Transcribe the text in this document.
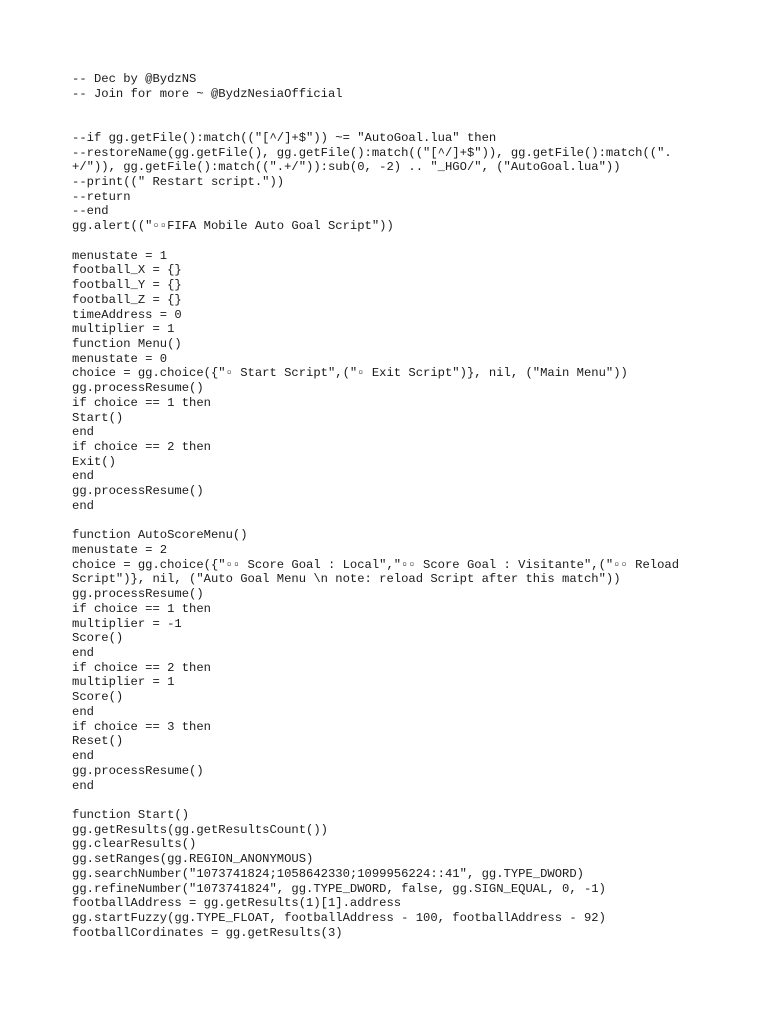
-- Dec by @BydzNS
-- Join for more ~ @BydzNesiaOfficial
--if gg.getFile():match(("[^/]+$")) ~= "AutoGoal.lua" then
--restoreName(gg.getFile(), gg.getFile():match(("[^/]+$")), gg.getFile():match((".
+/")), gg.getFile():match((".+/")):sub(0, -2) .. "_HGO/", ("AutoGoal.lua"))
--print((" Restart script."))
--return
--end
gg.alert(("▫▫FIFA Mobile Auto Goal Script"))
menustate = 1
football_X = {}
football_Y = {}
football_Z = {}
timeAddress = 0
multiplier = 1
function Menu()
menustate = 0
choice = gg.choice({"▫ Start Script",("▫ Exit Script")}, nil, ("Main Menu"))
gg.processResume()
if choice == 1 then
Start()
end
if choice == 2 then
Exit()
end
gg.processResume()
end
function AutoScoreMenu()
menustate = 2
choice = gg.choice({"▫▫ Score Goal : Local","▫▫ Score Goal : Visitante",("▫▫ Reload
Script")}, nil, ("Auto Goal Menu \n note: reload Script after this match"))
gg.processResume()
if choice == 1 then
multiplier = -1
Score()
end
if choice == 2 then
multiplier = 1
Score()
end
if choice == 3 then
Reset()
end
gg.processResume()
end
function Start()
gg.getResults(gg.getResultsCount())
gg.clearResults()
gg.setRanges(gg.REGION_ANONYMOUS)
gg.searchNumber("1073741824;1058642330;1099956224::41", gg.TYPE_DWORD)
gg.refineNumber("1073741824", gg.TYPE_DWORD, false, gg.SIGN_EQUAL, 0, -1)
footballAddress = gg.getResults(1)[1].address
gg.startFuzzy(gg.TYPE_FLOAT, footballAddress - 100, footballAddress - 92)
footballCordinates = gg.getResults(3)
